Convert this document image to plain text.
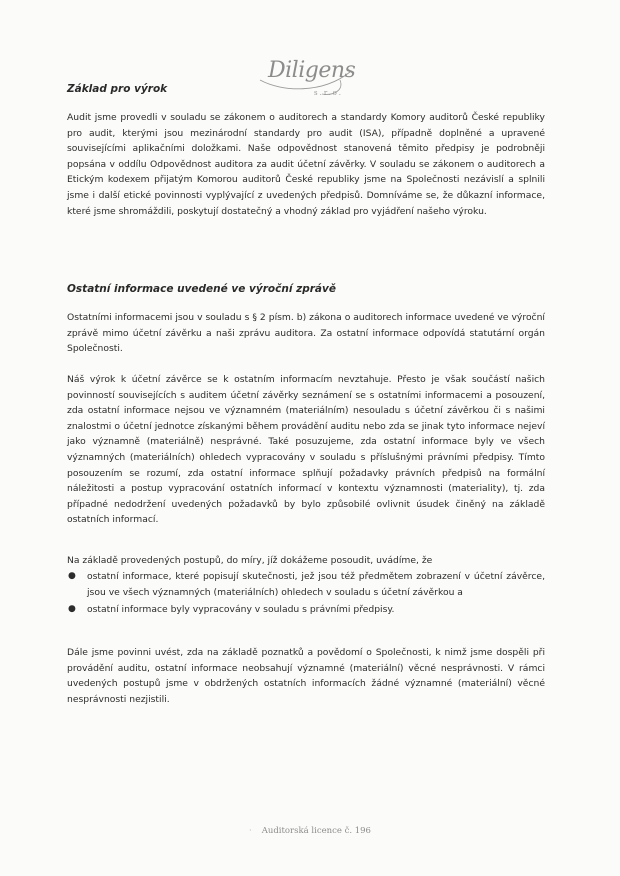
Diligens
s.r.o.
Základ pro výrok
Audit jsme provedli v souladu se zákonem o auditorech a standardy Komory auditorů České republiky pro audit, kterými jsou mezinárodní standardy pro audit (ISA), případně doplněné a upravené souvisejícími aplikačními doložkami. Naše odpovědnost stanovená těmito předpisy je podrobněji popsána v oddílu Odpovědnost auditora za audit účetní závěrky. V souladu se zákonem o auditorech a Etickým kodexem přijatým Komorou auditorů České republiky jsme na Společnosti nezávislí a splnili jsme i další etické povinnosti vyplývající z uvedených předpisů. Domníváme se, že důkazní informace, které jsme shromáždili, poskytují dostatečný a vhodný základ pro vyjádření našeho výroku.
Ostatní informace uvedené ve výroční zprávě
Ostatními informacemi jsou v souladu s § 2 písm. b) zákona o auditorech informace uvedené ve výroční zprávě mimo účetní závěrku a naši zprávu auditora. Za ostatní informace odpovídá statutární orgán Společnosti.
Náš výrok k účetní závěrce se k ostatním informacím nevztahuje. Přesto je však součástí našich povinností souvisejících s auditem účetní závěrky seznámení se s ostatními informacemi a posouzení, zda ostatní informace nejsou ve významném (materiálním) nesouladu s účetní závěrkou či s našimi znalostmi o účetní jednotce získanými během provádění auditu nebo zda se jinak tyto informace nejeví jako významně (materiálně) nesprávné. Také posuzujeme, zda ostatní informace byly ve všech významných (materiálních) ohledech vypracovány v souladu s příslušnými právními předpisy. Tímto posouzením se rozumí, zda ostatní informace splňují požadavky právních předpisů na formální náležitosti a postup vypracování ostatních informací v kontextu významnosti (materiality), tj. zda případné nedodržení uvedených požadavků by bylo způsobilé ovlivnit úsudek činěný na základě ostatních informací.
Na základě provedených postupů, do míry, jíž dokážeme posoudit, uvádíme, že
● ostatní informace, které popisují skutečnosti, jež jsou též předmětem zobrazení v účetní závěrce, jsou ve všech významných (materiálních) ohledech v souladu s účetní závěrkou a
● ostatní informace byly vypracovány v souladu s právními předpisy.
Dále jsme povinni uvést, zda na základě poznatků a povědomí o Společnosti, k nimž jsme dospěli při provádění auditu, ostatní informace neobsahují významné (materiální) věcné nesprávnosti. V rámci uvedených postupů jsme v obdržených ostatních informacích žádné významné (materiální) věcné nesprávnosti nezjistili.
· Auditorská licence č. 196
